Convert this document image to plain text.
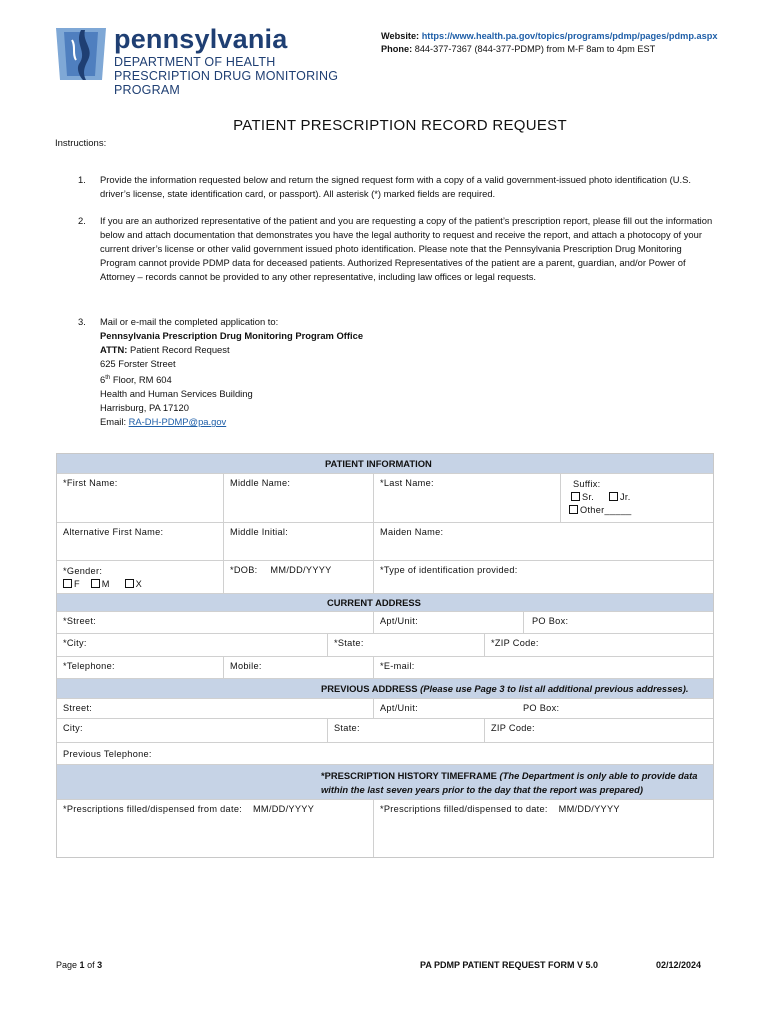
pennsylvania
DEPARTMENT OF HEALTH
PRESCRIPTION DRUG MONITORING PROGRAM
Website: https://www.health.pa.gov/topics/programs/pdmp/pages/pdmp.aspx
Phone: 844-377-7367 (844-377-PDMP) from M-F 8am to 4pm EST
PATIENT PRESCRIPTION RECORD REQUEST
Instructions:
1. Provide the information requested below and return the signed request form with a copy of a valid government-issued photo identification (U.S. driver’s license, state identification card, or passport). All asterisk (*) marked fields are required.
2. If you are an authorized representative of the patient and you are requesting a copy of the patient’s prescription report, please fill out the information below and attach documentation that demonstrates you have the legal authority to request and receive the report, and attach a photocopy of your current driver’s license or other valid government issued photo identification. Please note that the Pennsylvania Prescription Drug Monitoring Program cannot provide PDMP data for deceased patients. Authorized Representatives of the patient are a parent, guardian, and/or Power of Attorney – records cannot be provided to any other representative, including law offices or legal requests.
3. Mail or e-mail the completed application to:
Pennsylvania Prescription Drug Monitoring Program Office
ATTN: Patient Record Request
625 Forster Street
6th Floor, RM 604
Health and Human Services Building
Harrisburg, PA 17120
Email: RA-DH-PDMP@pa.gov
PATIENT INFORMATION
*First Name:	Middle Name:	*Last Name:	Suffix:
Sr.	Jr.
Other_____
Alternative First Name:	Middle Initial:	Maiden Name:
*Gender:
F M	X
*DOB: MM/DD/YYYY	*Type of identification provided:
CURRENT ADDRESS
*Street:	Apt/Unit:	PO Box:
*City:	*State:	*ZIP Code:
*Telephone:	Mobile:	*E-mail:
PREVIOUS ADDRESS (Please use Page 3 to list all additional previous addresses).
Street:	Apt/Unit:	PO Box:
City:	State:	ZIP Code:
Previous Telephone:
*PRESCRIPTION HISTORY TIMEFRAME (The Department is only able to provide data
within the last seven years prior to the day that the report was prepared)
*Prescriptions filled/dispensed from date: MM/DD/YYYY	*Prescriptions filled/dispensed to date: MM/DD/YYYY
Page 1 of 3	PA PDMP PATIENT REQUEST FORM V 5.0	02/12/2024
